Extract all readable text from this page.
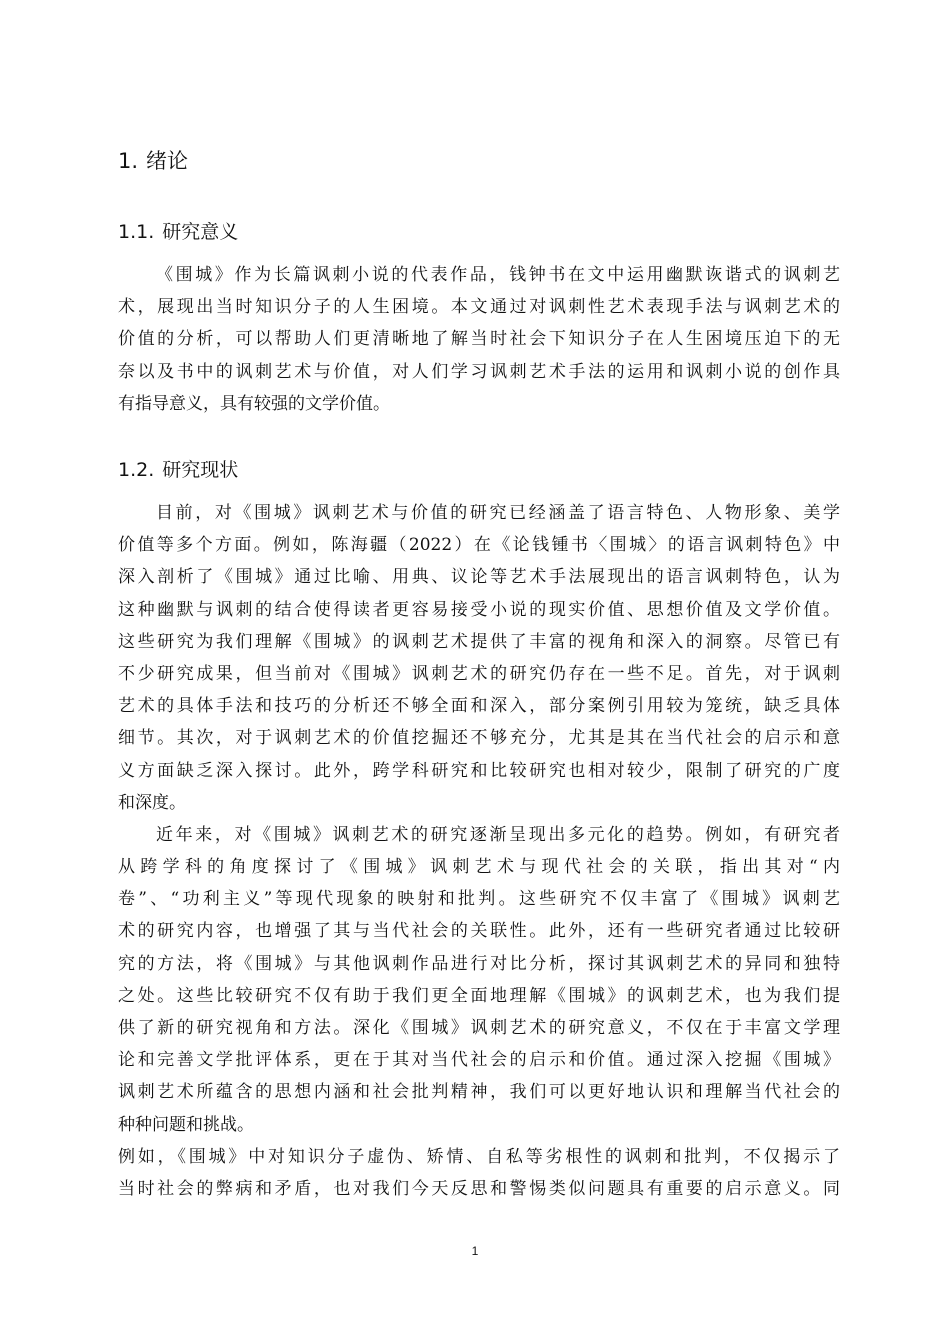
1. 绪论
1.1. 研究意义
《围城》作为长篇讽刺小说的代表作品，钱钟书在文中运用幽默诙谐式的讽刺艺
术，展现出当时知识分子的人生困境。本文通过对讽刺性艺术表现手法与讽刺艺术的
价值的分析，可以帮助人们更清晰地了解当时社会下知识分子在人生困境压迫下的无
奈以及书中的讽刺艺术与价值，对人们学习讽刺艺术手法的运用和讽刺小说的创作具
有指导意义，具有较强的文学价值。
1.2. 研究现状
目前，对《围城》讽刺艺术与价值的研究已经涵盖了语言特色、人物形象、美学
价值等多个方面。例如，陈海疆（2022）在《论钱锺书〈围城〉的语言讽刺特色》中
深入剖析了《围城》通过比喻、用典、议论等艺术手法展现出的语言讽刺特色，认为
这种幽默与讽刺的结合使得读者更容易接受小说的现实价值、思想价值及文学价值。
这些研究为我们理解《围城》的讽刺艺术提供了丰富的视角和深入的洞察。尽管已有
不少研究成果，但当前对《围城》讽刺艺术的研究仍存在一些不足。首先，对于讽刺
艺术的具体手法和技巧的分析还不够全面和深入，部分案例引用较为笼统，缺乏具体
细节。其次，对于讽刺艺术的价值挖掘还不够充分，尤其是其在当代社会的启示和意
义方面缺乏深入探讨。此外，跨学科研究和比较研究也相对较少，限制了研究的广度
和深度。
近年来，对《围城》讽刺艺术的研究逐渐呈现出多元化的趋势。例如，有研究者
从跨学科的角度探讨了《围城》讽刺艺术与现代社会的关联，指出其对“内
卷”、“功利主义”等现代现象的映射和批判。这些研究不仅丰富了《围城》讽刺艺
术的研究内容，也增强了其与当代社会的关联性。此外，还有一些研究者通过比较研
究的方法，将《围城》与其他讽刺作品进行对比分析，探讨其讽刺艺术的异同和独特
之处。这些比较研究不仅有助于我们更全面地理解《围城》的讽刺艺术，也为我们提
供了新的研究视角和方法。深化《围城》讽刺艺术的研究意义，不仅在于丰富文学理
论和完善文学批评体系，更在于其对当代社会的启示和价值。通过深入挖掘《围城》
讽刺艺术所蕴含的思想内涵和社会批判精神，我们可以更好地认识和理解当代社会的
种种问题和挑战。
例如，《围城》中对知识分子虚伪、矫情、自私等劣根性的讽刺和批判，不仅揭示了
当时社会的弊病和矛盾，也对我们今天反思和警惕类似问题具有重要的启示意义。同
1
